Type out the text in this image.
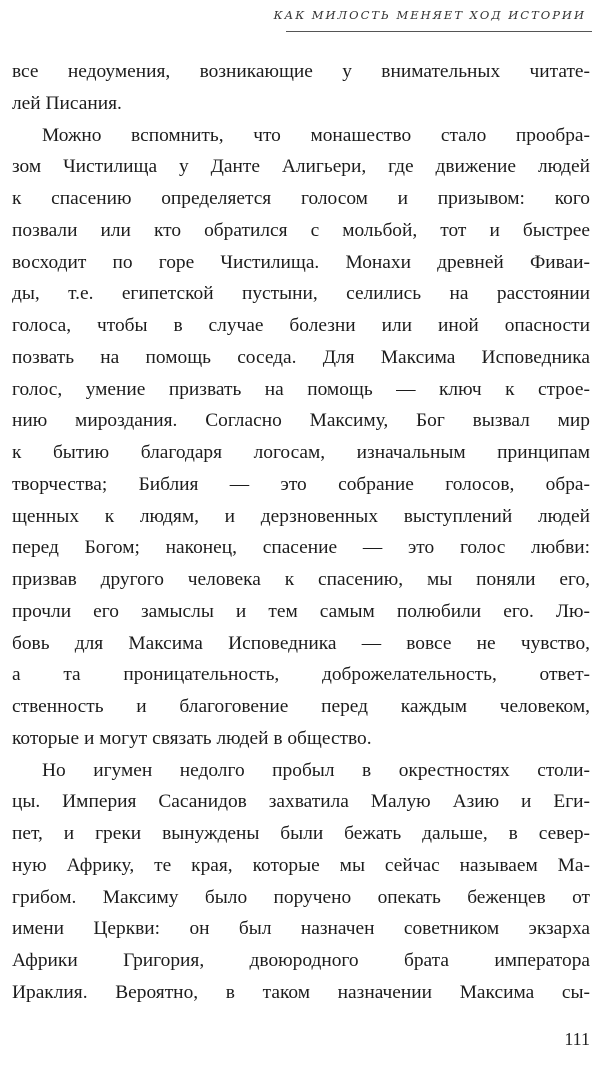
КАК МИЛОСТЬ МЕНЯЕТ ХОД ИСТОРИИ
все недоумения, возникающие у внимательных читате-
лей Писания.
Можно вспомнить, что монашество стало прообра-
зом Чистилища у Данте Алигьери, где движение людей
к спасению определяется голосом и призывом: кого
позвали или кто обратился с мольбой, тот и быстрее
восходит по горе Чистилища. Монахи древней Фиваи-
ды, т.е. египетской пустыни, селились на расстоянии
голоса, чтобы в случае болезни или иной опасности
позвать на помощь соседа. Для Максима Исповедника
голос, умение призвать на помощь — ключ к строе-
нию мироздания. Согласно Максиму, Бог вызвал мир
к бытию благодаря логосам, изначальным принципам
творчества; Библия — это собрание голосов, обра-
щенных к людям, и дерзновенных выступлений людей
перед Богом; наконец, спасение — это голос любви:
призвав другого человека к спасению, мы поняли его,
прочли его замыслы и тем самым полюбили его. Лю-
бовь для Максима Исповедника — вовсе не чувство,
а та проницательность, доброжелательность, ответ-
ственность и благоговение перед каждым человеком,
которые и могут связать людей в общество.
Но игумен недолго пробыл в окрестностях столи-
цы. Империя Сасанидов захватила Малую Азию и Еги-
пет, и греки вынуждены были бежать дальше, в север-
ную Африку, те края, которые мы сейчас называем Ма-
грибом. Максиму было поручено опекать беженцев от
имени Церкви: он был назначен советником экзарха
Африки Григория, двоюродного брата императора
Ираклия. Вероятно, в таком назначении Максима сы-
111
